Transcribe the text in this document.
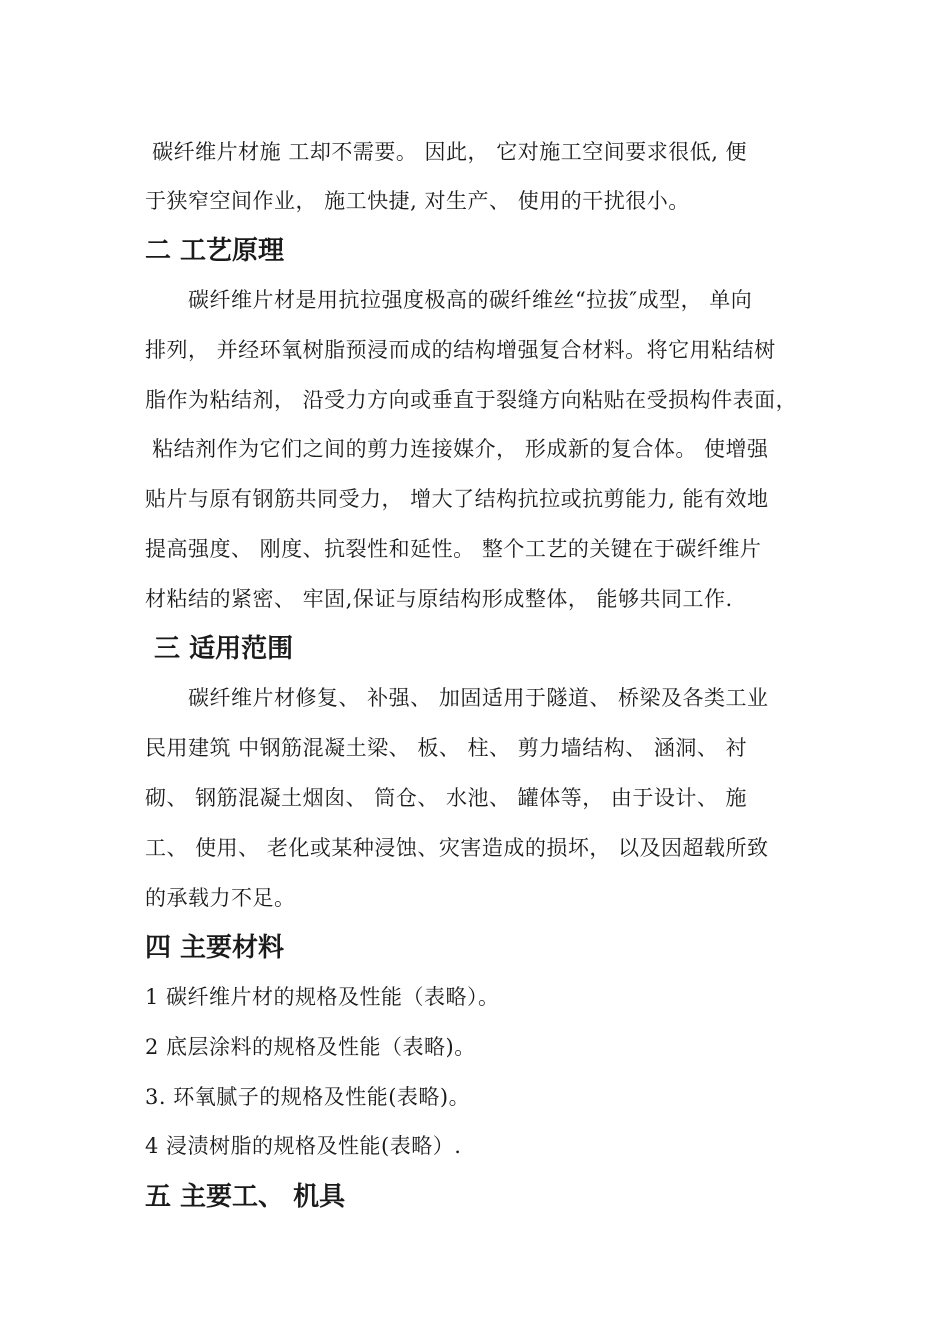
碳纤维片材施 工却不需要。 因此， 它对施工空间要求很低, 便
于狭窄空间作业， 施工快捷, 对生产、 使用的干扰很小。
二 工艺原理
　　碳纤维片材是用抗拉强度极高的碳纤维丝“拉拔″成型， 单向
排列， 并经环氧树脂预浸而成的结构增强复合材料。将它用粘结树
脂作为粘结剂， 沿受力方向或垂直于裂缝方向粘贴在受损构件表面，
粘结剂作为它们之间的剪力连接媒介， 形成新的复合体。 使增强
贴片与原有钢筋共同受力， 增大了结构抗拉或抗剪能力, 能有效地
提高强度、 刚度、抗裂性和延性。 整个工艺的关键在于碳纤维片
材粘结的紧密、 牢固,保证与原结构形成整体， 能够共同工作.
三 适用范围
　　碳纤维片材修复、 补强、 加固适用于隧道、 桥梁及各类工业
民用建筑 中钢筋混凝土梁、 板、 柱、 剪力墙结构、 涵洞、 衬
砌、 钢筋混凝土烟囱、 筒仓、 水池、 罐体等， 由于设计、 施
工、 使用、 老化或某种浸蚀、灾害造成的损坏， 以及因超载所致
的承载力不足。
四 主要材料
1 碳纤维片材的规格及性能（表略）。
2 底层涂料的规格及性能（表略)。
3. 环氧腻子的规格及性能(表略)。
4 浸渍树脂的规格及性能(表略）.
五 主要工、 机具
